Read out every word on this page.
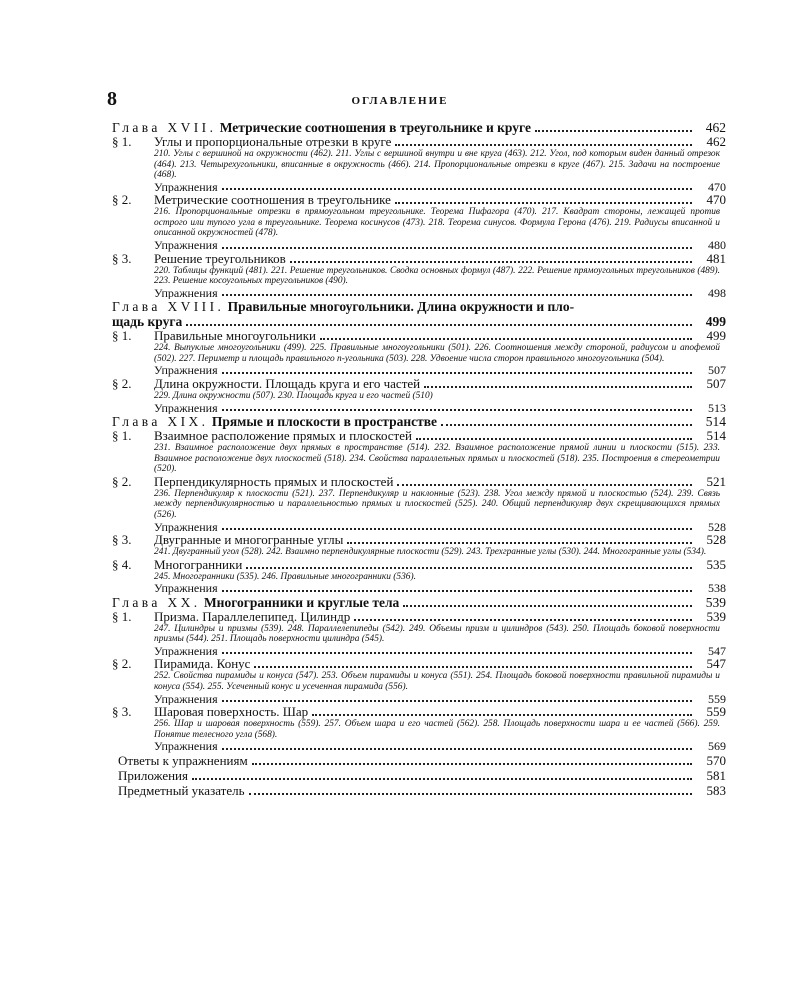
8	ОГЛАВЛЕНИЕ
Глава XVII. Метрические соотношения в треугольнике и круге	462
§ 1. Углы и пропорциональные отрезки в круге	462
210. Углы с вершиной на окружности (462). 211. Углы с вершиной внутри и вне круга (463). 212. Угол, под которым виден данный отрезок (464). 213. Четырехугольники, вписанные в окружность (466). 214. Пропорциональные отрезки в круге (467). 215. Задачи на построение (468).
Упражнения	470
§ 2. Метрические соотношения в треугольнике	470
216. Пропорциональные отрезки в прямоугольном треугольнике. Теорема Пифагора (470). 217. Квадрат стороны, лежащей против острого или тупого угла в треугольнике. Теорема косинусов (473). 218. Теорема синусов. Формула Герона (476). 219. Радиусы вписанной и описанной окружностей (478).
Упражнения	480
§ 3. Решение треугольников	481
220. Таблицы функций (481). 221. Решение треугольников. Сводка основных формул (487). 222. Решение прямоугольных треугольников (489). 223. Решение косоугольных треугольников (490).
Упражнения	498
Глава XVIII. Правильные многоугольники. Длина окружности и пло-
щадь круга	499
§ 1. Правильные многоугольники	499
224. Выпуклые многоугольники (499). 225. Правильные многоугольники (501). 226. Соотношения между стороной, радиусом и апофемой (502). 227. Периметр и площадь правильного n-угольника (503). 228. Удвоение числа сторон правильного многоугольника (504).
Упражнения	507
§ 2. Длина окружности. Площадь круга и его частей	507
229. Длина окружности (507). 230. Площадь круга и его частей (510)
Упражнения	513
Глава XIX. Прямые и плоскости в пространстве	514
§ 1. Взаимное расположение прямых и плоскостей	514
231. Взаимное расположение двух прямых в пространстве (514). 232. Взаимное расположение прямой линии и плоскости (515). 233. Взаимное расположение двух плоскостей (518). 234. Свойства параллельных прямых и плоскостей (518). 235. Построения в стереометрии (520).
§ 2. Перпендикулярность прямых и плоскостей	521
236. Перпендикуляр к плоскости (521). 237. Перпендикуляр и наклонные (523). 238. Угол между прямой и плоскостью (524). 239. Связь между перпендикулярностью и параллельностью прямых и плоскостей (525). 240. Общий перпендикуляр двух скрещивающихся прямых (526).
Упражнения	528
§ 3. Двугранные и многогранные углы	528
241. Двугранный угол (528). 242. Взаимно перпендикулярные плоскости (529). 243. Трехгранные углы (530). 244. Многогранные углы (534).
§ 4. Многогранники	535
245. Многогранники (535). 246. Правильные многогранники (536).
Упражнения	538
Глава XX. Многогранники и круглые тела	539
§ 1. Призма. Параллелепипед. Цилиндр	539
247. Цилиндры и призмы (539). 248. Параллелепипеды (542). 249. Объемы призм и цилиндров (543). 250. Площадь боковой поверхности призмы (544). 251. Площадь поверхности цилиндра (545).
Упражнения	547
§ 2. Пирамида. Конус	547
252. Свойства пирамиды и конуса (547). 253. Объем пирамиды и конуса (551). 254. Площадь боковой поверхности правильной пирамиды и конуса (554). 255. Усеченный конус и усеченная пирамида (556).
Упражнения	559
§ 3. Шаровая поверхность. Шар	559
256. Шар и шаровая поверхность (559). 257. Объем шара и его частей (562). 258. Площадь поверхности шара и ее частей (566). 259. Понятие телесного угла (568).
Упражнения	569
Ответы к упражнениям	570
Приложения	581
Предметный указатель	583
